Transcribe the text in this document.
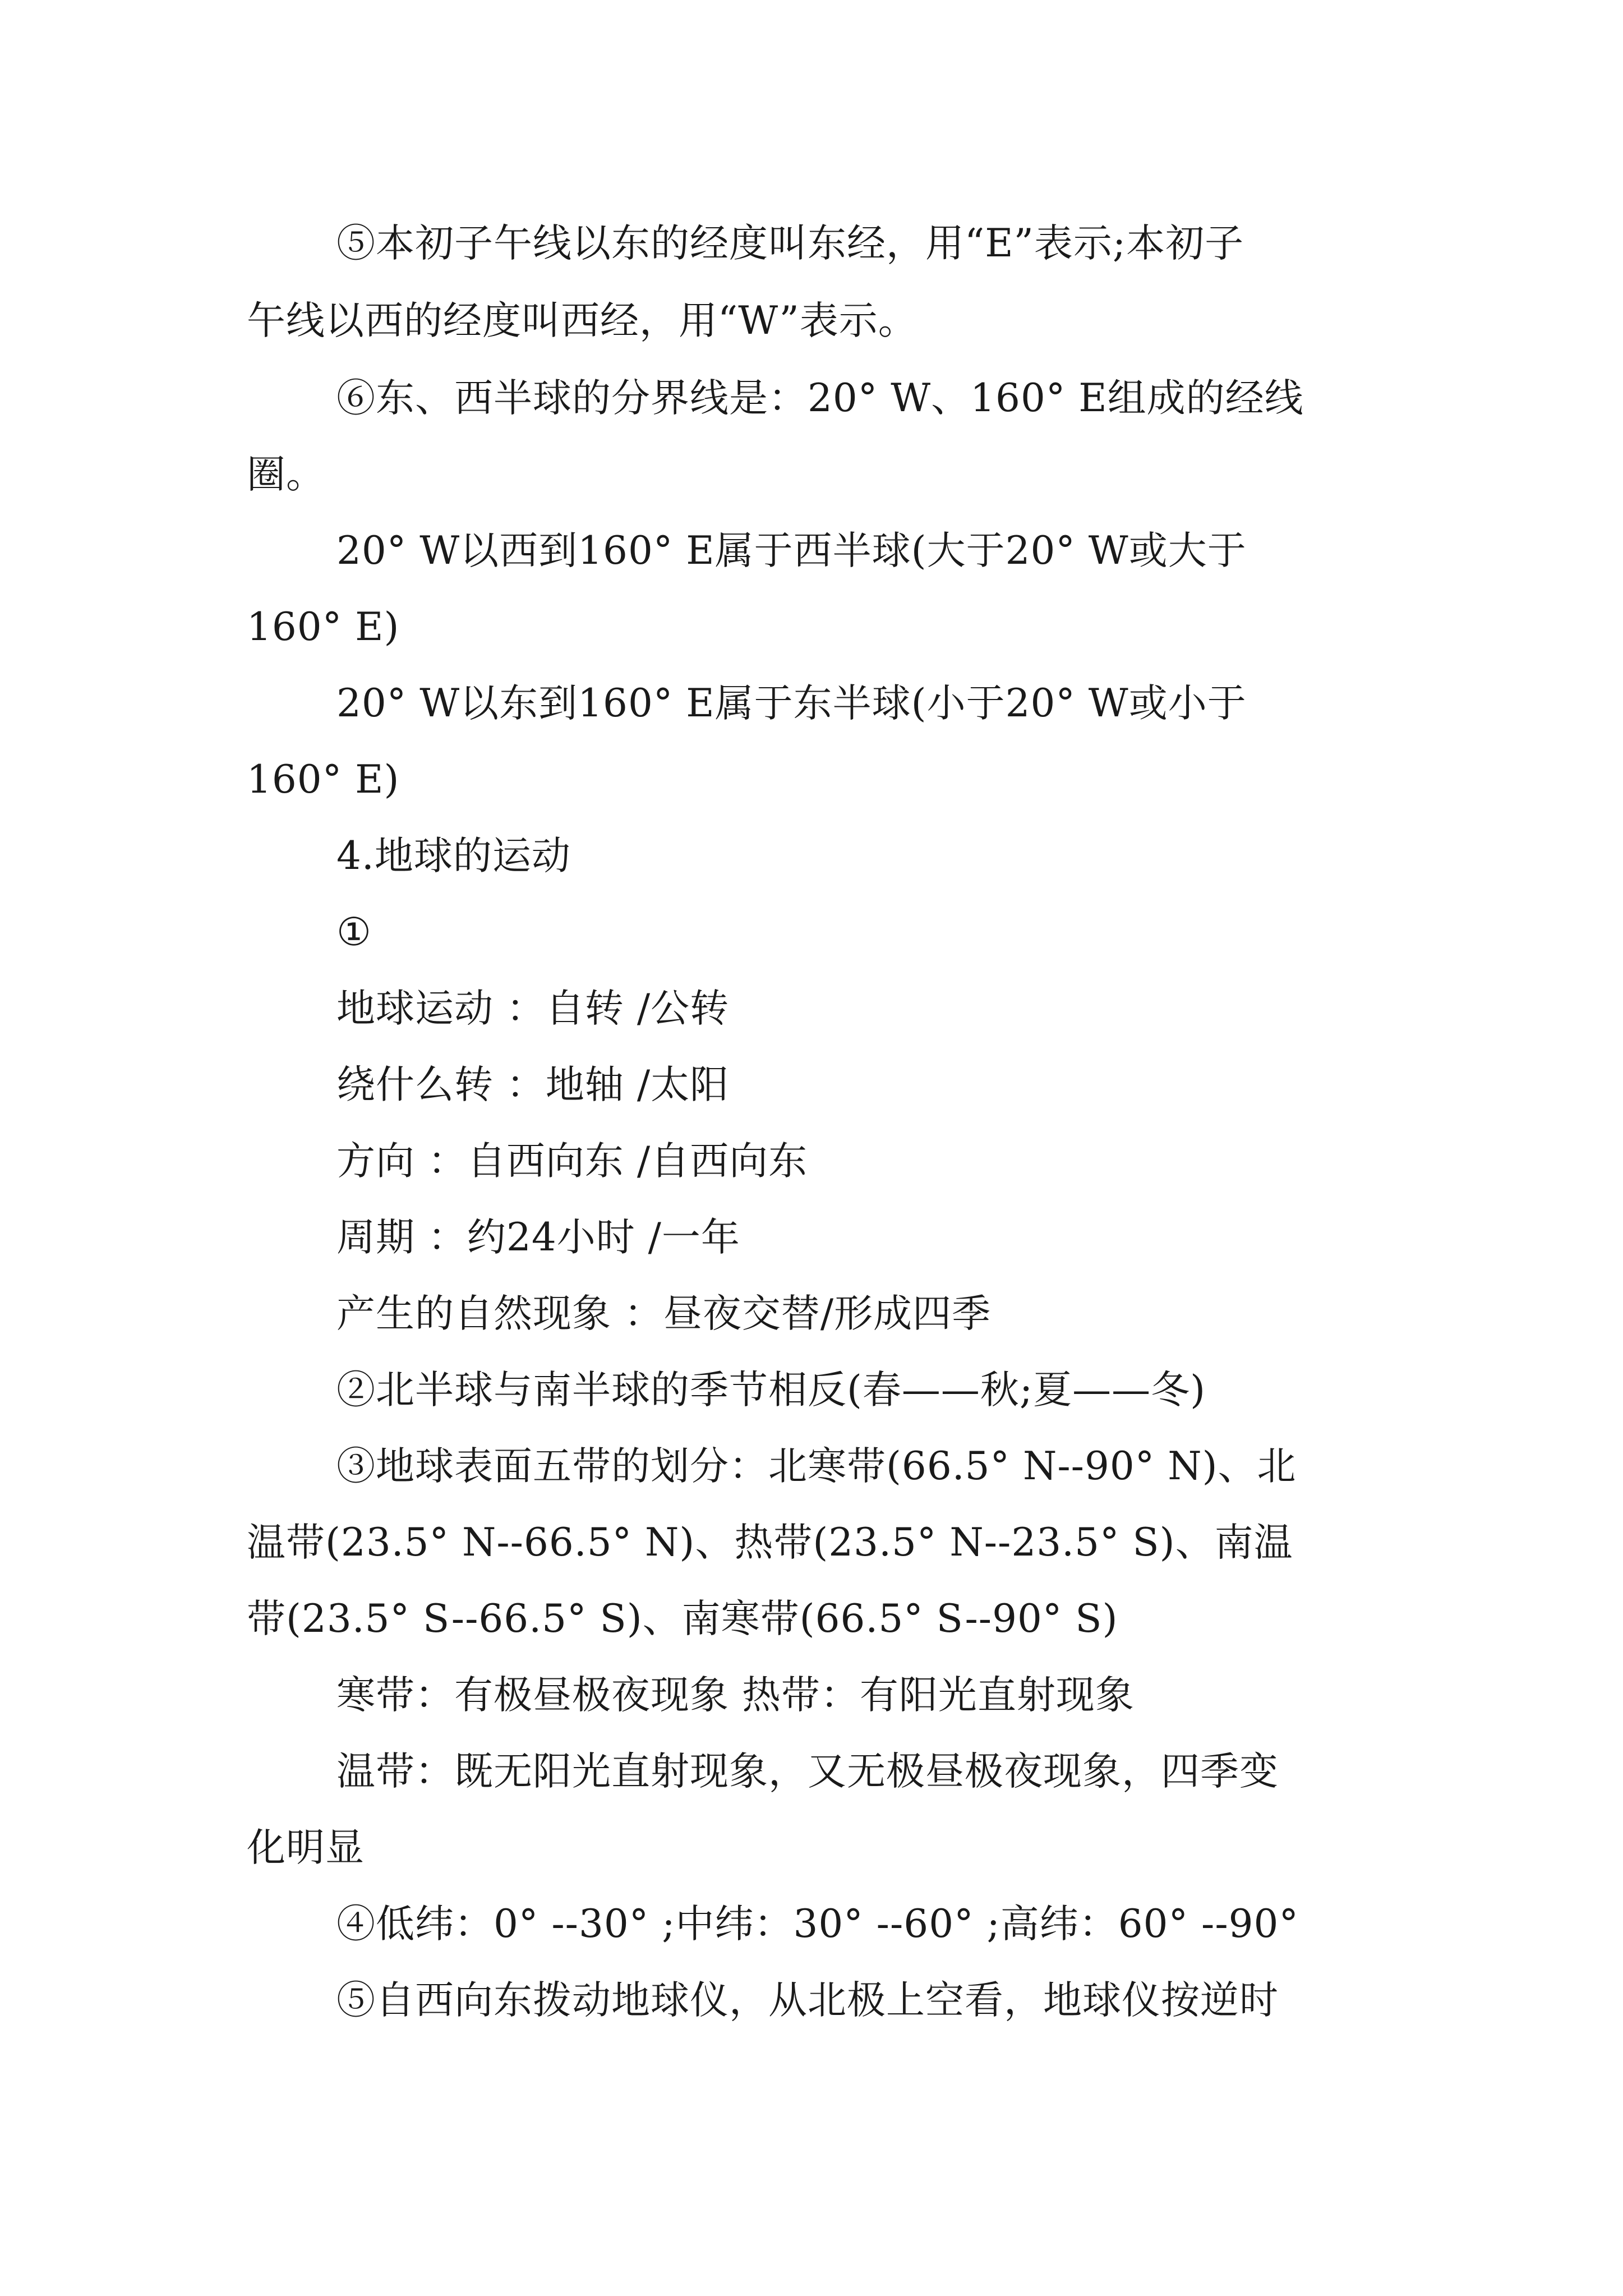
⑤本初子午线以东的经度叫东经，用“E”表示;本初子

午线以西的经度叫西经，用“W”表示。

⑥东、西半球的分界线是：20° W、160° E组成的经线

圈。

20° W以西到160° E属于西半球(大于20° W或大于

160° E)

20° W以东到160° E属于东半球(小于20° W或小于

160° E)

4.地球的运动

①

地球运动 ：自转 /公转

绕什么转 ：地轴 /太阳

方向 ：自西向东 /自西向东

周期 ：约24小时 /一年

产生的自然现象 ：昼夜交替/形成四季

②北半球与南半球的季节相反(春——秋;夏——冬)

③地球表面五带的划分：北寒带(66.5° N--90° N)、北

温带(23.5° N--66.5° N)、热带(23.5° N--23.5° S)、南温

带(23.5° S--66.5° S)、南寒带(66.5° S--90° S)

寒带：有极昼极夜现象 热带：有阳光直射现象

温带：既无阳光直射现象，又无极昼极夜现象，四季变

化明显

④低纬：0° --30° ;中纬：30° --60° ;高纬：60° --90°

⑤自西向东拨动地球仪，从北极上空看，地球仪按逆时
